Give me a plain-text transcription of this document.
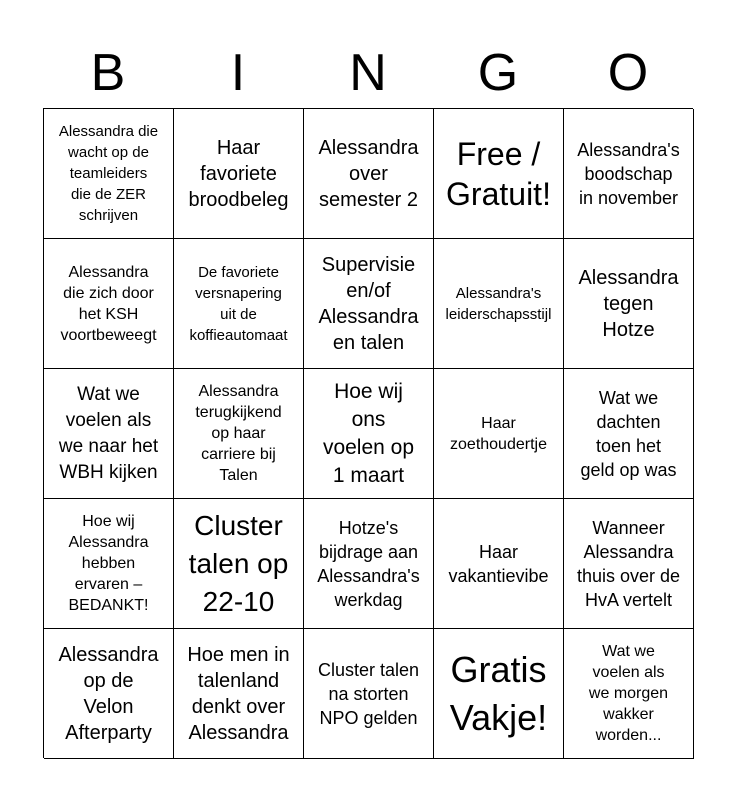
B	I	N	G	O
Alessandra die
wacht op de
teamleiders
die de ZER
schrijven
Haar
favoriete
broodbeleg
Alessandra
over
semester 2
Free /
Gratuit!
Alessandra's
boodschap
in november
Alessandra
die zich door
het KSH
voortbeweegt
De favoriete
versnapering
uit de
koffieautomaat
Supervisie
en/of
Alessandra
en talen
Alessandra's
leiderschapsstijl
Alessandra
tegen
Hotze
Wat we
voelen als
we naar het
WBH kijken
Alessandra
terugkijkend
op haar
carriere bij
Talen
Hoe wij
ons
voelen op
1 maart
Haar
zoethoudertje
Wat we
dachten
toen het
geld op was
Hoe wij
Alessandra
hebben
ervaren –
BEDANKT!
Cluster
talen op
22-10
Hotze's
bijdrage aan
Alessandra's
werkdag
Haar
vakantievibe
Wanneer
Alessandra
thuis over de
HvA vertelt
Alessandra
op de
Velon
Afterparty
Hoe men in
talenland
denkt over
Alessandra
Cluster talen
na storten
NPO gelden
Gratis
Vakje!
Wat we
voelen als
we morgen
wakker
worden...
